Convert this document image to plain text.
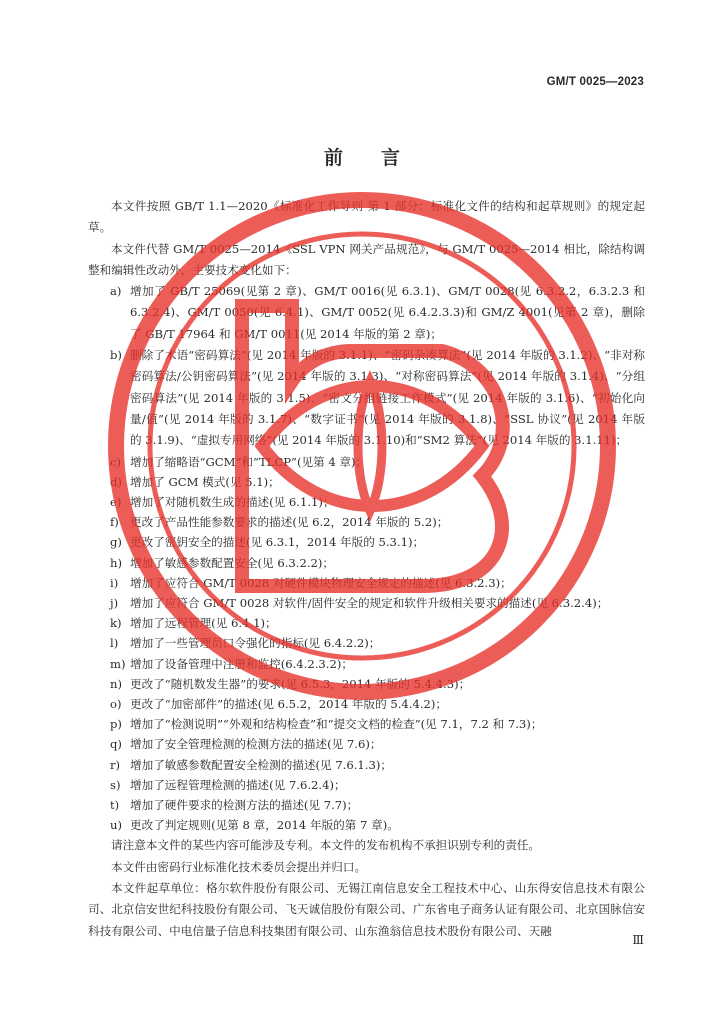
GM/T 0025—2023
前言

本文件按照 GB/T 1.1—2020《标准化工作导则 第 1 部分：标准化文件的结构和起草规则》的规定起草。

本文件代替 GM/T 0025—2014《SSL VPN 网关产品规范》，与 GM/T 0025—2014 相比，除结构调整和编辑性改动外，主要技术变化如下：

a) 增加了 GB/T 25069(见第 2 章)、GM/T 0016(见 6.3.1)、GM/T 0028(见 6.3.2.2，6.3.2.3 和 6.3.2.4)、GM/T 0050(见 6.4.1)、GM/T 0052(见 6.4.2.3.3)和 GM/Z 4001(见第 2 章)，删除了 GB/T 17964 和 GM/T 0011(见 2014 年版的第 2 章)；
b) 删除了术语“密码算法”(见 2014 年版的 3.1.1)、“密码杂凑算法”(见 2014 年版的 3.1.2)、“非对称密码算法/公钥密码算法”(见 2014 年版的 3.1.3)、“对称密码算法”(见 2014 年版的 3.1.4)、“分组密码算法”(见 2014 年版的 3.1.5)、“密文分组链接工作模式”(见 2014 年版的 3.1.6)、“初始化向量/值”(见 2014 年版的 3.1.7)、“数字证书”(见 2014 年版的 3.1.8)、“SSL 协议”(见 2014 年版的 3.1.9)、“虚拟专用网络”(见 2014 年版的 3.1.10)和“SM2 算法”(见 2014 年版的 3.1.11)；
c) 增加了缩略语“GCM”和“TLCP”(见第 4 章)；
d) 增加了 GCM 模式(见 5.1)；
e) 增加了对随机数生成的描述(见 6.1.1)；
f) 更改了产品性能参数要求的描述(见 6.2，2014 年版的 5.2)；
g) 更改了密钥安全的描述(见 6.3.1，2014 年版的 5.3.1)；
h) 增加了敏感参数配置安全(见 6.3.2.2)；
i) 增加了应符合 GM/T 0028 对硬件模块物理安全规定的描述(见 6.3.2.3)；
j) 增加了应符合 GM/T 0028 对软件/固件安全的规定和软件升级相关要求的描述(见 6.3.2.4)；
k) 增加了远程管理(见 6.4.1)；
l) 增加了一些管理员口令强化的指标(见 6.4.2.2)；
m) 增加了设备管理中注册和监控(6.4.2.3.2)；
n) 更改了“随机数发生器”的要求(见 6.5.3，2014 年版的 5.4.4.3)；
o) 更改了“加密部件”的描述(见 6.5.2，2014 年版的 5.4.4.2)；
p) 增加了“检测说明”“外观和结构检查”和“提交文档的检查”(见 7.1，7.2 和 7.3)；
q) 增加了安全管理检测的检测方法的描述(见 7.6)；
r) 增加了敏感参数配置安全检测的描述(见 7.6.1.3)；
s) 增加了远程管理检测的描述(见 7.6.2.4)；
t) 增加了硬件要求的检测方法的描述(见 7.7)；
u) 更改了判定规则(见第 8 章，2014 年版的第 7 章)。

请注意本文件的某些内容可能涉及专利。本文件的发布机构不承担识别专利的责任。

本文件由密码行业标准化技术委员会提出并归口。

本文件起草单位：格尔软件股份有限公司、无锡江南信息安全工程技术中心、山东得安信息技术有限公司、北京信安世纪科技股份有限公司、飞天诚信股份有限公司、广东省电子商务认证有限公司、北京国脉信安科技有限公司、中电信量子信息科技集团有限公司、山东渔翁信息技术股份有限公司、天融

Ⅲ
